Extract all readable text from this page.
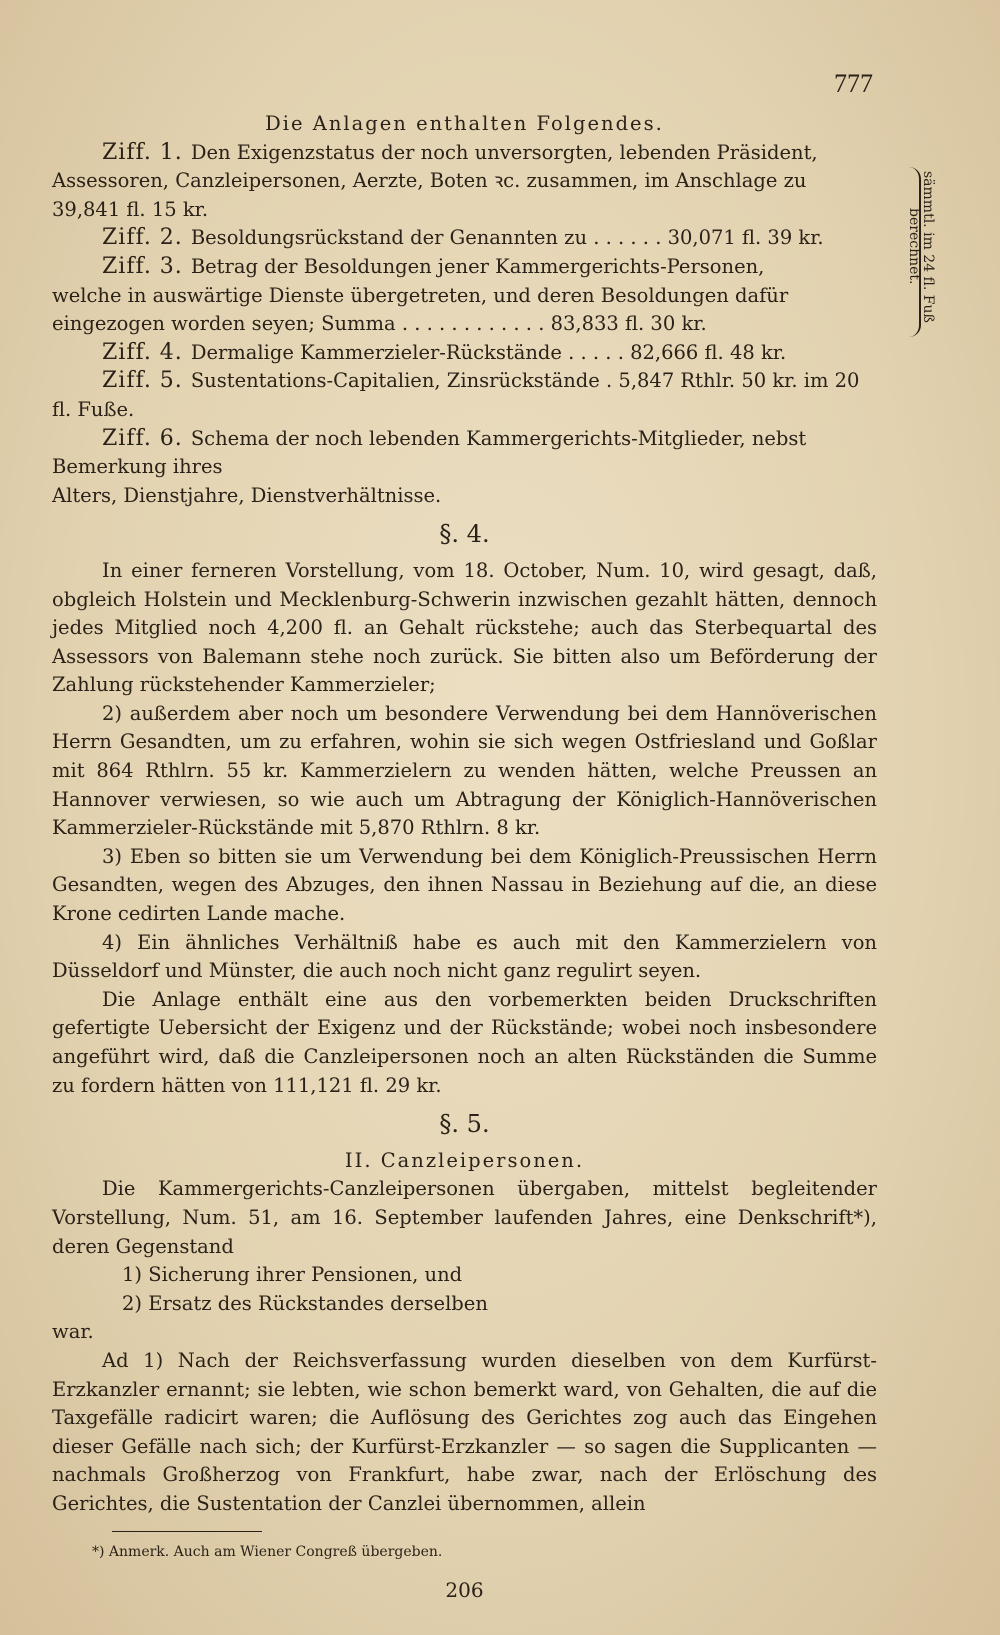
777

Die Anlagen enthalten Folgendes.

sämmtl. im 24 fl. Fuß berechnet.

Ziff. 1. Den Exigenzstatus der noch unversorgten, lebenden Präsident,

Assessoren, Canzleipersonen, Aerzte, Boten ꝛc. zusammen, im Anschlage zu 39,841 fl. 15 kr.

Ziff. 2. Besoldungsrückstand der Genannten zu . . . . . . 30,071 fl. 39 kr.

Ziff. 3. Betrag der Besoldungen jener Kammergerichts-Personen,

welche in auswärtige Dienste übergetreten, und deren Besoldungen dafür

eingezogen worden seyen; Summa . . . . . . . . . . . . 83,833 fl. 30 kr.

Ziff. 4. Dermalige Kammerzieler-Rückstände . . . . . 82,666 fl. 48 kr.

Ziff. 5. Sustentations-Capitalien, Zinsrückstände . 5,847 Rthlr. 50 kr. im 20 fl. Fuße.

Ziff. 6. Schema der noch lebenden Kammergerichts-Mitglieder, nebst Bemerkung ihres

Alters, Dienstjahre, Dienstverhältnisse.

§. 4.

In einer ferneren Vorstellung, vom 18. October, Num. 10, wird gesagt, daß, obgleich Holstein und Mecklenburg-Schwerin inzwischen gezahlt hätten, dennoch jedes Mitglied noch 4,200 fl. an Gehalt rückstehe; auch das Sterbequartal des Assessors von Balemann stehe noch zurück. Sie bitten also um Beförderung der Zahlung rückstehender Kammerzieler;

2) außerdem aber noch um besondere Verwendung bei dem Hannöverischen Herrn Gesandten, um zu erfahren, wohin sie sich wegen Ostfriesland und Goßlar mit 864 Rthlrn. 55 kr. Kammerzielern zu wenden hätten, welche Preussen an Hannover verwiesen, so wie auch um Abtragung der Königlich-Hannöverischen Kammerzieler-Rückstände mit 5,870 Rthlrn. 8 kr.

3) Eben so bitten sie um Verwendung bei dem Königlich-Preussischen Herrn Gesandten, wegen des Abzuges, den ihnen Nassau in Beziehung auf die, an diese Krone cedirten Lande mache.

4) Ein ähnliches Verhältniß habe es auch mit den Kammerzielern von Düsseldorf und Münster, die auch noch nicht ganz regulirt seyen.

Die Anlage enthält eine aus den vorbemerkten beiden Druckschriften gefertigte Uebersicht der Exigenz und der Rückstände; wobei noch insbesondere angeführt wird, daß die Canzleipersonen noch an alten Rückständen die Summe zu fordern hätten von 111,121 fl. 29 kr.

§. 5.

II. Canzleipersonen.

Die Kammergerichts-Canzleipersonen übergaben, mittelst begleitender Vorstellung, Num. 51, am 16. September laufenden Jahres, eine Denkschrift*), deren Gegenstand

1) Sicherung ihrer Pensionen, und

2) Ersatz des Rückstandes derselben

war.

Ad 1) Nach der Reichsverfassung wurden dieselben von dem Kurfürst-Erzkanzler ernannt; sie lebten, wie schon bemerkt ward, von Gehalten, die auf die Taxgefälle radicirt waren; die Auflösung des Gerichtes zog auch das Eingehen dieser Gefälle nach sich; der Kurfürst-Erzkanzler — so sagen die Supplicanten — nachmals Großherzog von Frankfurt, habe zwar, nach der Erlöschung des Gerichtes, die Sustentation der Canzlei übernommen, allein

*) Anmerk. Auch am Wiener Congreß übergeben.

206
